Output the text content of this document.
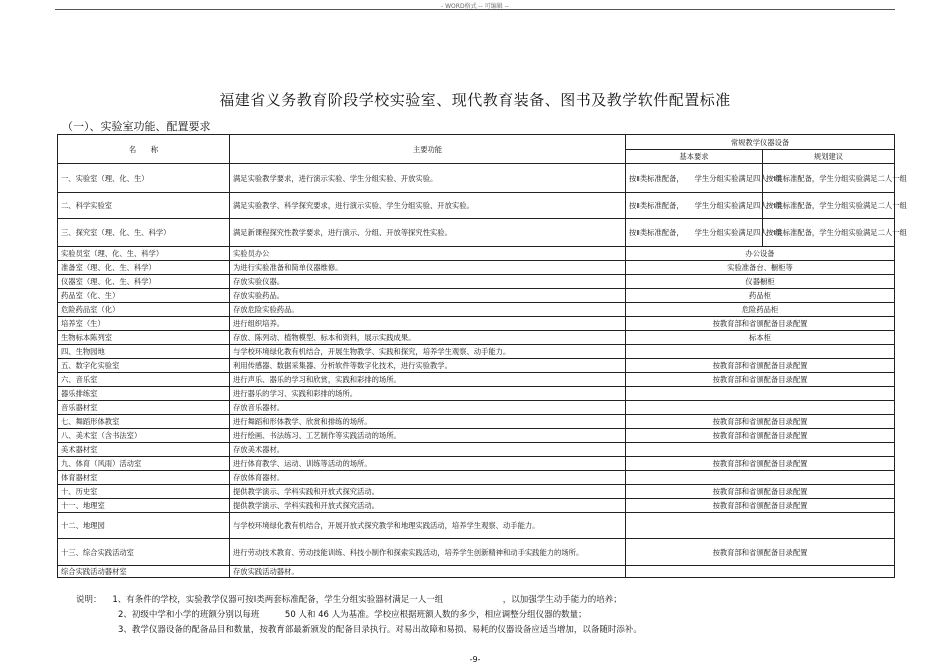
- WORD格式 -- 可编辑 --
福建省义务教育阶段学校实验室、现代教育装备、图书及教学软件配置标准
（一）、实验室功能、配置要求
名　　称	主要功能	常规教学仪器设备	
		基本要求	规划建议
一、实验室（理、化、生）	满足实验教学要求，进行演示实验、学生分组实验、开放实验。	按Ⅱ类标准配备，　　学生分组实验满足四人一组	按Ⅰ类标准配备，学生分组实验满足二人一组
二、科学实验室	满足实验教学、科学探究要求，进行演示实验、学生分组实验、开放实验。	按Ⅱ类标准配备，　　学生分组实验满足四人一组	按Ⅰ类标准配备，学生分组实验满足二人一组
三、探究室（理、化、生、科学）	满足新课程探究性教学要求，进行演示、分组、开放等探究性实验。	按Ⅱ类标准配备，　　学生分组实验满足四人一组	按Ⅰ类标准配备，学生分组实验满足二人一组
实验员室（理、化、生、科学）	实验员办公	办公设备	
准备室（理、化、生、科学）	为进行实验准备和简单仪器维修。	实验准备台、橱柜等	
仪器室（理、化、生、科学）	存放实验仪器。	仪器橱柜	
药品室（化、生）	存放实验药品。	药品柜	
危险药品室（化）	存放危险实验药品。	危险药品柜	
培养室（生）	进行组织培养。	按教育部和省颁配备目录配置	
生物标本陈列室	存放、陈列动、植物模型、标本和资料，展示实践成果。	标本柜	
四、生物园地	与学校环境绿化教有机结合，开展生物教学、实践和探究，培养学生观察、动手能力。		
五、数字化实验室	利用传感器、数据采集器、分析软件等数字化技术，进行实验教学。	按教育部和省颁配备目录配置	
六、音乐室	进行声乐、器乐的学习和欣赏，实践和彩排的场所。	按教育部和省颁配备目录配置	
器乐排练室	进行器乐的学习、实践和彩排的场所。		
音乐器材室	存放音乐器材。		
七、舞蹈形体教室	进行舞蹈和形体教学、欣赏和排练的场所。	按教育部和省颁配备目录配置	
八、美术室（含书法室）	进行绘画、书法练习、工艺制作等实践活动的场所。	按教育部和省颁配备目录配置	
美术器材室	存放美术器材。		
九、体育（风雨）活动室	进行体育教学、运动、训练等活动的场所。	按教育部和省颁配备目录配置	
体育器材室	存放体育器材。		
十、历史室	提供教学演示、学科实践和开放式探究活动。	按教育部和省颁配备目录配置	
十一、地理室	提供教学演示、学科实践和开放式探究活动。	按教育部和省颁配备目录配置	
十二、地理园	与学校环境绿化教有机结合，开展开放式探究教学和地理实践活动，培养学生观察、动手能力。		
十三、综合实践活动室	进行劳动技术教育、劳动技能训练、科技小制作和探索实践活动，培养学生创新精神和动手实践能力的场所。	按教育部和省颁配备目录配置	
综合实践活动器材室	存放实践活动器材。		
说明： 1、有条件的学校，实验教学仪器可按Ⅰ类两套标准配备，学生分组实验器材满足一人一组　　　　　　　，以加强学生动手能力的培养；
2、初级中学和小学的班额分别以每班　　　50 人和 46 人为基准。学校应根据班额人数的多少，相应调整分组仪器的数量；
3、教学仪器设备的配备品目和数量，按教育部最新颁发的配备目录执行。对易出故障和易损、易耗的仪器设备应适当增加，以备随时添补。
-9-
